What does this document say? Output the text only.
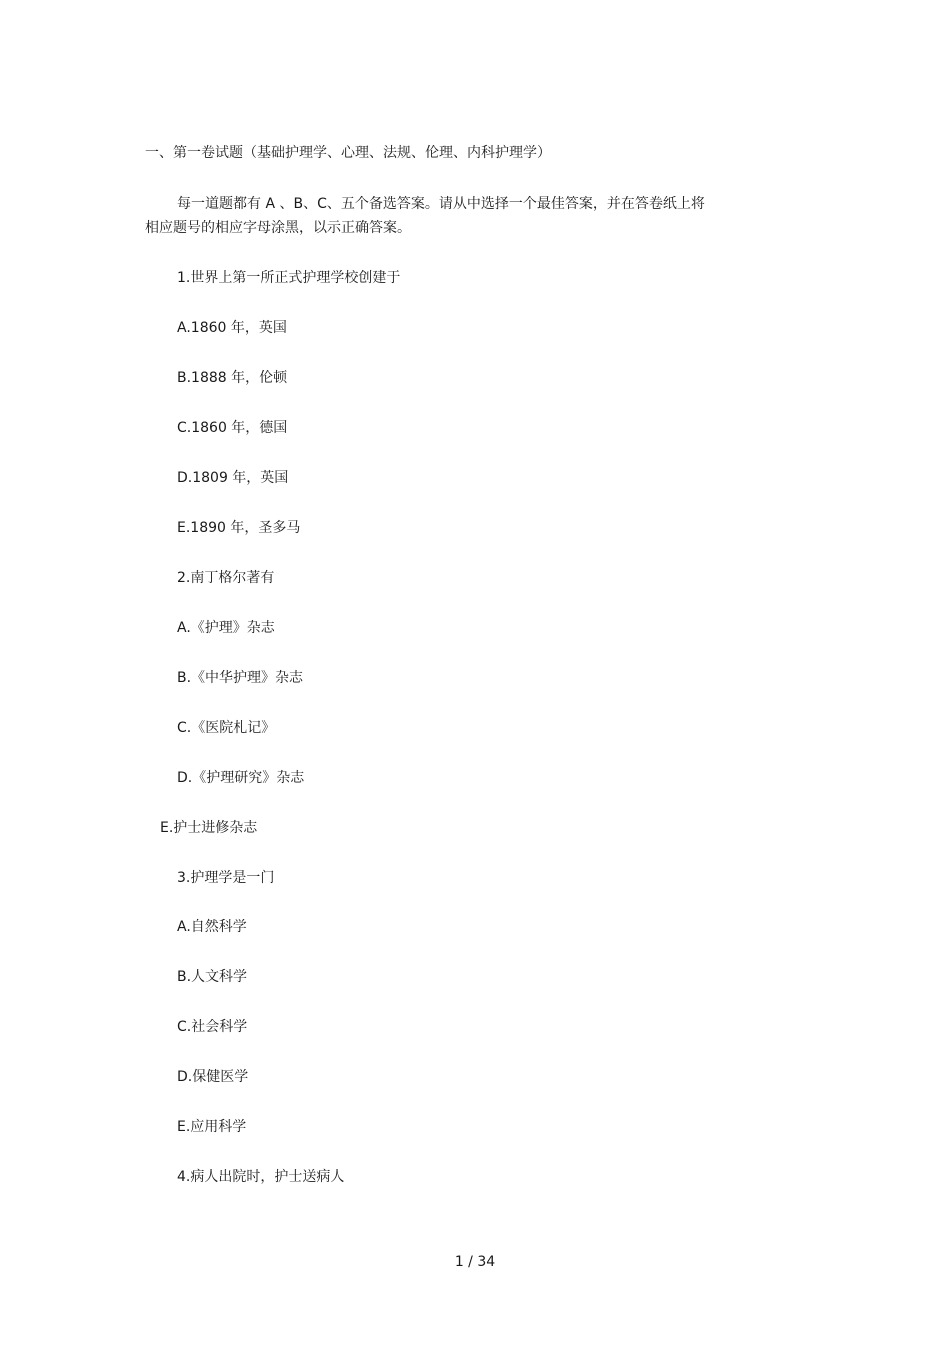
一、第一卷试题（基础护理学、心理、法规、伦理、内科护理学）
每一道题都有 A 、B、C、五个备选答案。请从中选择一个最佳答案，并在答卷纸上将
相应题号的相应字母涂黑，以示正确答案。
1.世界上第一所正式护理学校创建于
A.1860 年，英国
B.1888 年，伦顿
C.1860 年，德国
D.1809 年，英国
E.1890 年，圣多马
2.南丁格尔著有
A.《护理》杂志
B.《中华护理》杂志
C.《医院札记》
D.《护理研究》杂志
E.护士进修杂志
3.护理学是一门
A.自然科学
B.人文科学
C.社会科学
D.保健医学
E.应用科学
4.病人出院时，护士送病人
1 / 34
